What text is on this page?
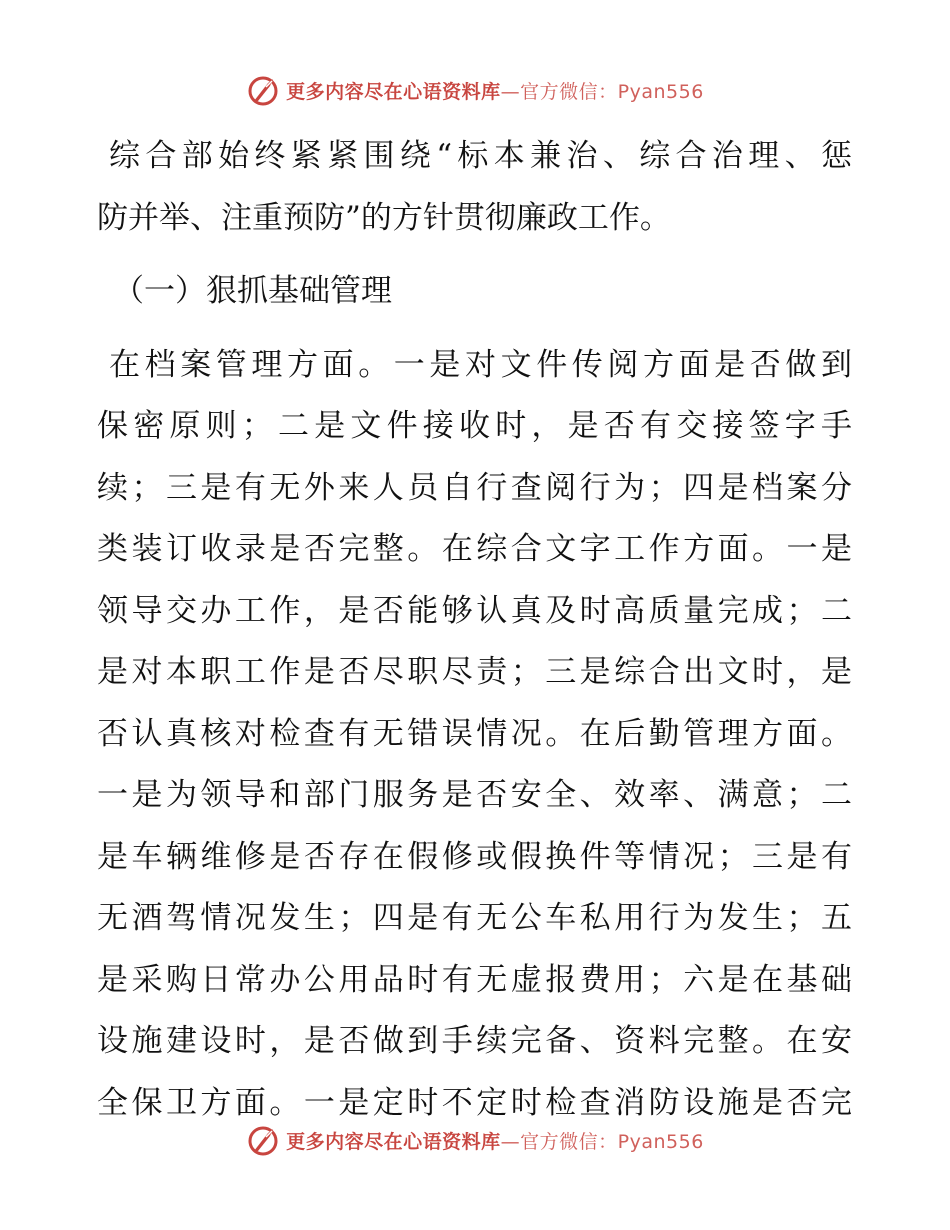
更多内容尽在心语资料库—官方微信：Pyan556
综合部始终紧紧围绕“标本兼治、综合治理、惩
防并举、注重预防”的方针贯彻廉政工作。
（一）狠抓基础管理
在档案管理方面。一是对文件传阅方面是否做到
保密原则；二是文件接收时，是否有交接签字手
续；三是有无外来人员自行查阅行为；四是档案分
类装订收录是否完整。在综合文字工作方面。一是
领导交办工作，是否能够认真及时高质量完成；二
是对本职工作是否尽职尽责；三是综合出文时，是
否认真核对检查有无错误情况。在后勤管理方面。
一是为领导和部门服务是否安全、效率、满意；二
是车辆维修是否存在假修或假换件等情况；三是有
无酒驾情况发生；四是有无公车私用行为发生；五
是采购日常办公用品时有无虚报费用；六是在基础
设施建设时，是否做到手续完备、资料完整。在安
全保卫方面。一是定时不定时检查消防设施是否完
更多内容尽在心语资料库—官方微信：Pyan556
